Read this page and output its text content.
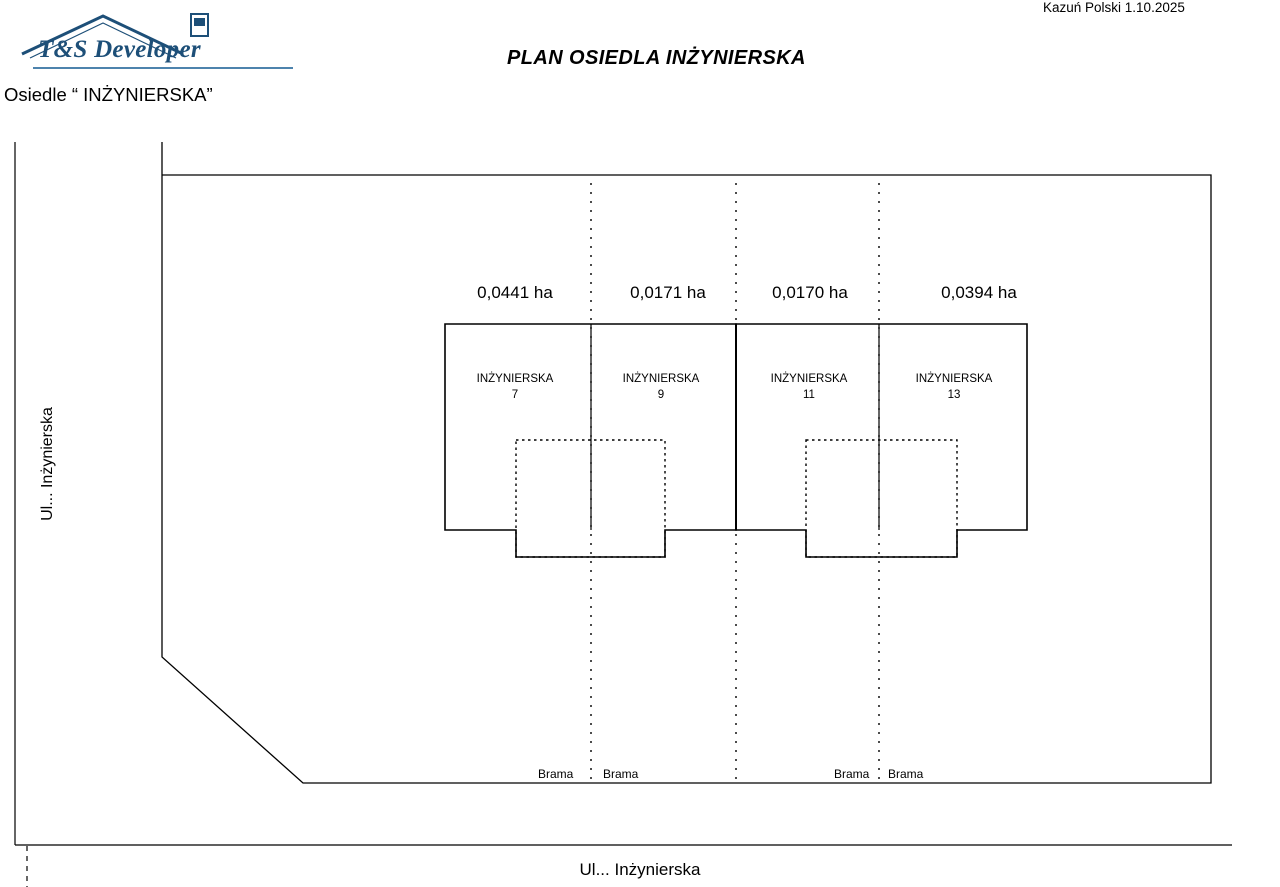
Kazuń Polski 1.10.2025
T&S Developer
Osiedle “ INŻYNIERSKA”
PLAN OSIEDLA INŻYNIERSKA
0,0441 ha	0,0171 ha	0,0170 ha	0,0394 ha
INŻYNIERSKA
7
INŻYNIERSKA
9
INŻYNIERSKA
11
INŻYNIERSKA
13
Brama Brama	Brama Brama
Ul... Inżynierska
Ul... Inżynierska
